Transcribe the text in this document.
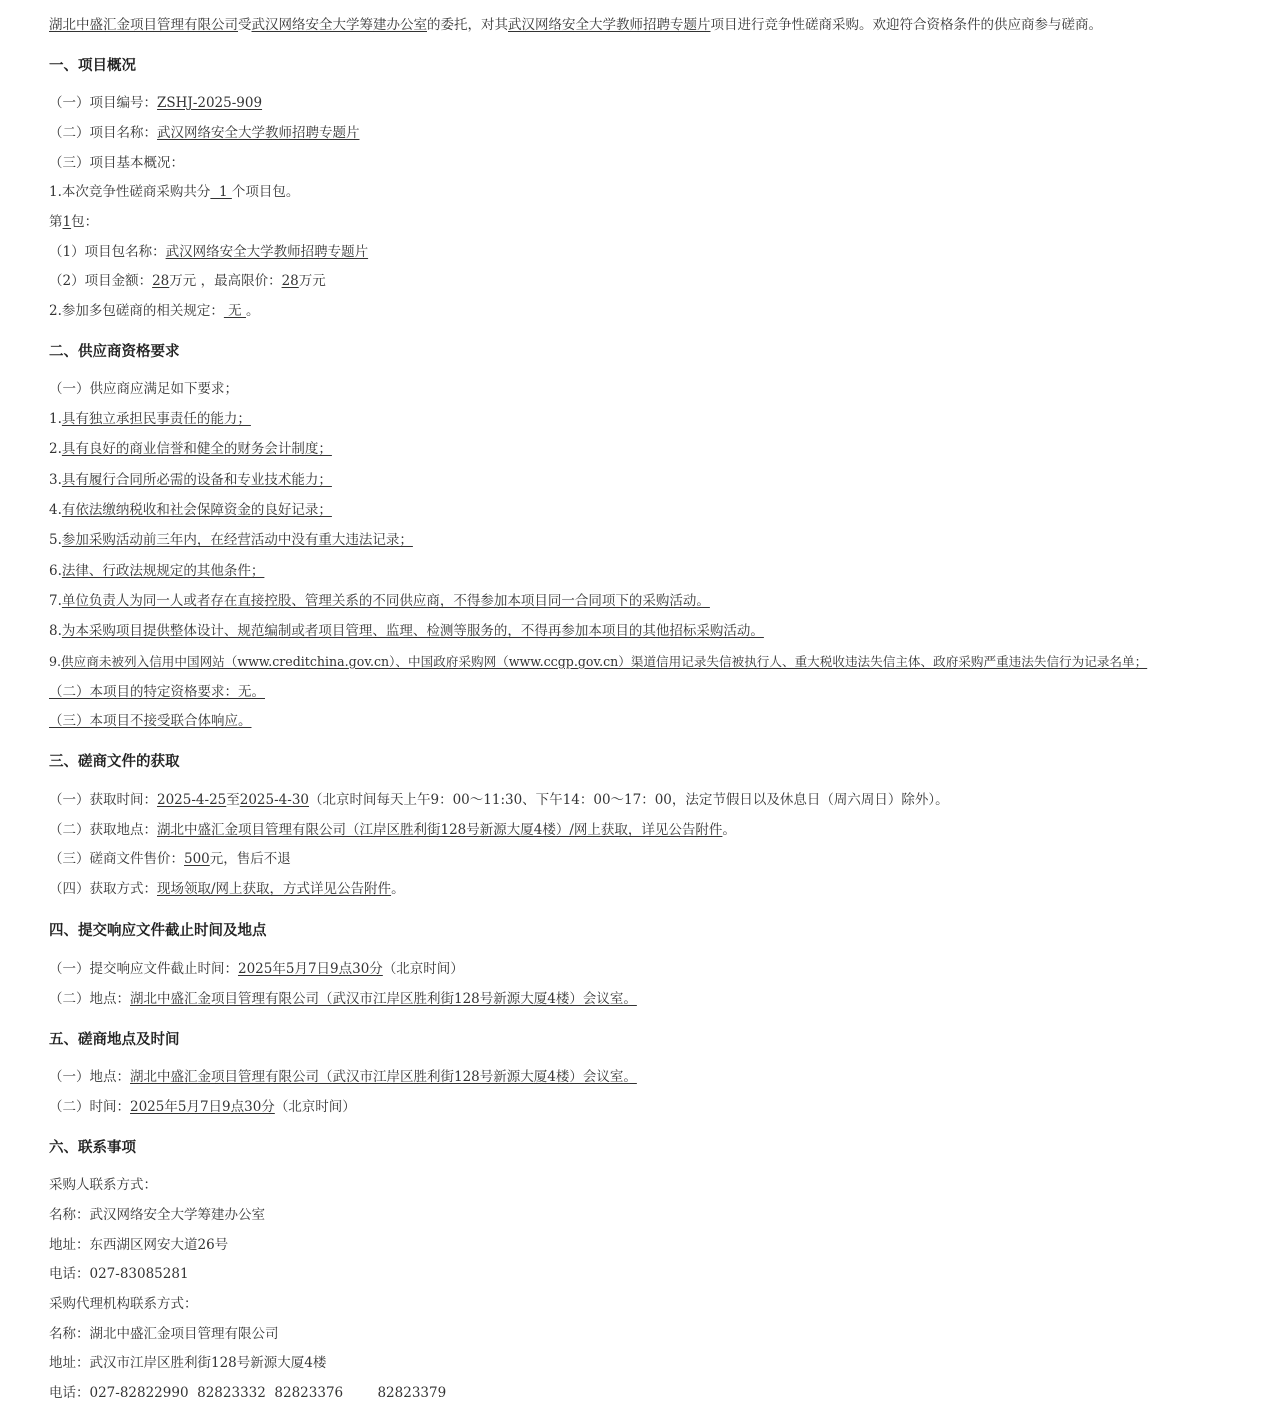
湖北中盛汇金项目管理有限公司受武汉网络安全大学筹建办公室的委托，对其武汉网络安全大学教师招聘专题片项目进行竞争性磋商采购。欢迎符合资格条件的供应商参与磋商。
一、项目概况
（一）项目编号：ZSHJ-2025-909
（二）项目名称：武汉网络安全大学教师招聘专题片
（三）项目基本概况：
1.本次竞争性磋商采购共分  1 个项目包。
第1包：
（1）项目包名称：武汉网络安全大学教师招聘专题片
（2）项目金额：28万元 ，最高限价：28万元
2.参加多包磋商的相关规定： 无 。
二、供应商资格要求
（一）供应商应满足如下要求；
1.具有独立承担民事责任的能力；
2.具有良好的商业信誉和健全的财务会计制度；
3.具有履行合同所必需的设备和专业技术能力；
4.有依法缴纳税收和社会保障资金的良好记录；
5.参加采购活动前三年内，在经营活动中没有重大违法记录；
6.法律、行政法规规定的其他条件；
7.单位负责人为同一人或者存在直接控股、管理关系的不同供应商，不得参加本项目同一合同项下的采购活动。
8.为本采购项目提供整体设计、规范编制或者项目管理、监理、检测等服务的，不得再参加本项目的其他招标采购活动。
9.供应商未被列入信用中国网站（www.creditchina.gov.cn）、中国政府采购网（www.ccgp.gov.cn）渠道信用记录失信被执行人、重大税收违法失信主体、政府采购严重违法失信行为记录名单；
（二）本项目的特定资格要求：无。
（三）本项目不接受联合体响应。
三、磋商文件的获取
（一）获取时间：2025-4-25至2025-4-30（北京时间每天上午9：00～11:30、下午14：00～17：00，法定节假日以及休息日（周六周日）除外）。
（二）获取地点：湖北中盛汇金项目管理有限公司（江岸区胜利街128号新源大厦4楼）/网上获取，详见公告附件。
（三）磋商文件售价：500元，售后不退
（四）获取方式：现场领取/网上获取，方式详见公告附件。
四、提交响应文件截止时间及地点
（一）提交响应文件截止时间：2025年5月7日9点30分（北京时间）
（二）地点：湖北中盛汇金项目管理有限公司（武汉市江岸区胜利街128号新源大厦4楼）会议室。
五、磋商地点及时间
（一）地点：湖北中盛汇金项目管理有限公司（武汉市江岸区胜利街128号新源大厦4楼）会议室。
（二）时间：2025年5月7日9点30分（北京时间）
六、联系事项
采购人联系方式：
名称：武汉网络安全大学筹建办公室
地址：东西湖区网安大道26号
电话：027-83085281
采购代理机构联系方式：
名称：湖北中盛汇金项目管理有限公司
地址：武汉市江岸区胜利街128号新源大厦4楼
电话：027-82822990  82823332  82823376        82823379
